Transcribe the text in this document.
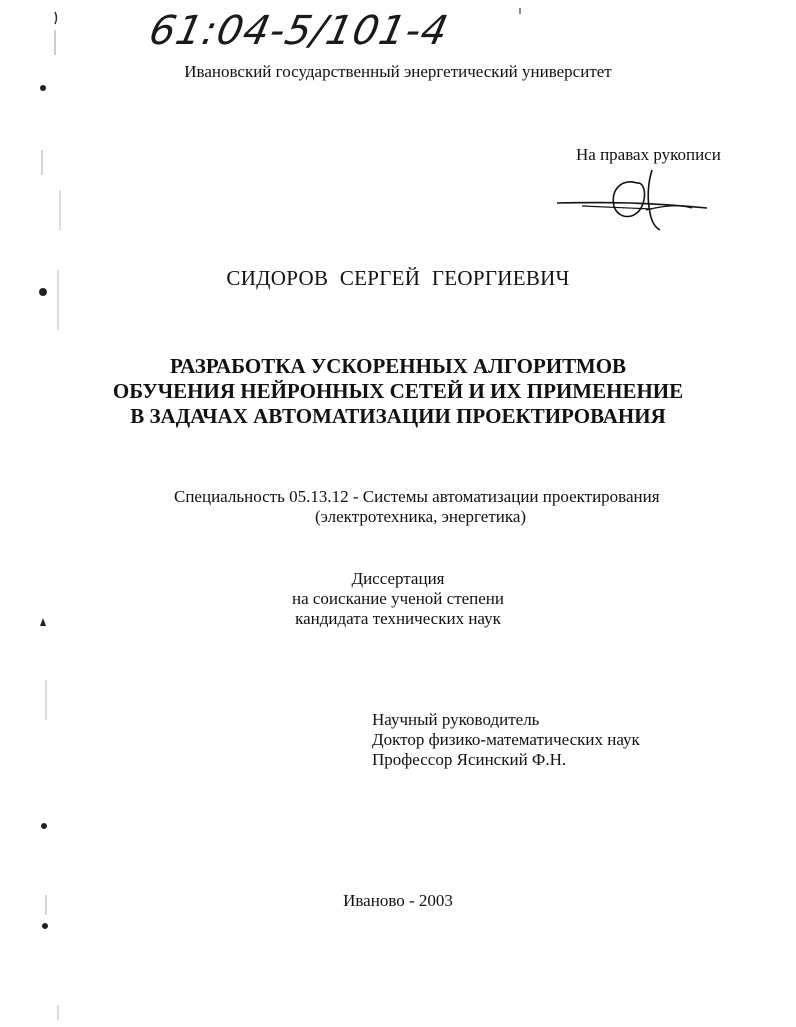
61:04-5/101-4
Ивановский государственный энергетический университет
На правах рукописи
СИДОРОВ СЕРГЕЙ ГЕОРГИЕВИЧ
РАЗРАБОТКА УСКОРЕННЫХ АЛГОРИТМОВ
ОБУЧЕНИЯ НЕЙРОННЫХ СЕТЕЙ И ИХ ПРИМЕНЕНИЕ
В ЗАДАЧАХ АВТОМАТИЗАЦИИ ПРОЕКТИРОВАНИЯ
Специальность 05.13.12 - Системы автоматизации проектирования
(электротехника, энергетика)
Диссертация
на соискание ученой степени
кандидата технических наук
Научный руководитель
Доктор физико-математических наук
Профессор Ясинский Ф.Н.
Иваново - 2003
